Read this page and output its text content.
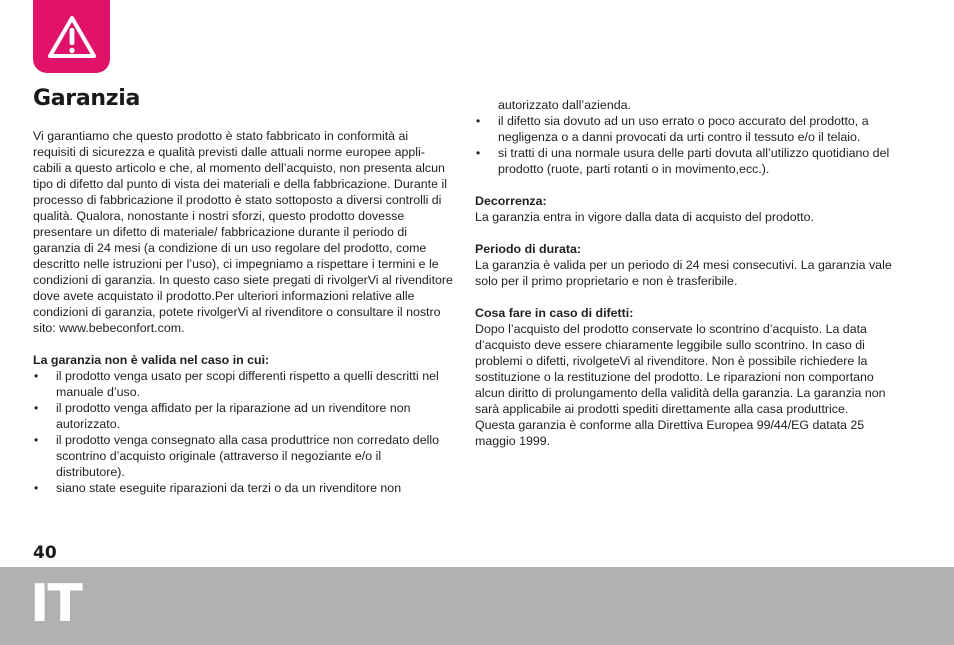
Garanzia

Vi garantiamo che questo prodotto è stato fabbricato in conformità ai requisiti di sicurezza e qualità previsti dalle attuali norme europee appli-cabili a questo articolo e che, al momento dell’acquisto, non presenta alcun tipo di difetto dal punto di vista dei materiali e della fabbricazione. Durante il processo di fabbricazione il prodotto è stato sottoposto a diversi controlli di qualità. Qualora, nonostante i nostri sforzi, questo prodotto dovesse presentare un difetto di materiale/ fabbricazione durante il periodo di garanzia di 24 mesi (a condizione di un uso regolare del prodotto, come descritto nelle istruzioni per l’uso), ci impegniamo a rispettare i termini e le condizioni di garanzia. In questo caso siete pregati di rivolgerVi al rivenditore dove avete acquistato il prodotto.Per ulteriori informazioni relative alle condizioni di garanzia, potete rivolgerVi al rivenditore o consultare il nostro sito: www.bebeconfort.com.

La garanzia non è valida nel caso in cui:

• il prodotto venga usato per scopi differenti rispetto a quelli descritti nel manuale d’uso.
• il prodotto venga affidato per la riparazione ad un rivenditore non autorizzato.
• il prodotto venga consegnato alla casa produttrice non corredato dello scontrino d’acquisto originale (attraverso il negoziante e/o il distributore).
• siano state eseguite riparazioni da terzi o da un rivenditore non
autorizzato dall’azienda.
• il difetto sia dovuto ad un uso errato o poco accurato del prodotto, a negligenza o a danni provocati da urti contro il tessuto e/o il telaio.
• si tratti di una normale usura delle parti dovuta all’utilizzo quotidiano del prodotto (ruote, parti rotanti o in movimento,ecc.).

Decorrenza:

La garanzia entra in vigore dalla data di acquisto del prodotto.

Periodo di durata:

La garanzia è valida per un periodo di 24 mesi consecutivi. La garanzia vale solo per il primo proprietario e non è trasferibile.

Cosa fare in caso di difetti:

Dopo l’acquisto del prodotto conservate lo scontrino d’acquisto. La data d’acquisto deve essere chiaramente leggibile sullo scontrino. In caso di problemi o difetti, rivolgeteVi al rivenditore. Non è possibile richiedere la sostituzione o la restituzione del prodotto. Le riparazioni non comportano alcun diritto di prolungamento della validità della garanzia. La garanzia non sarà applicabile ai prodotti spediti direttamente alla casa produttrice.

Questa garanzia è conforme alla Direttiva Europea 99/44/EG datata 25 maggio 1999.

40
IT
